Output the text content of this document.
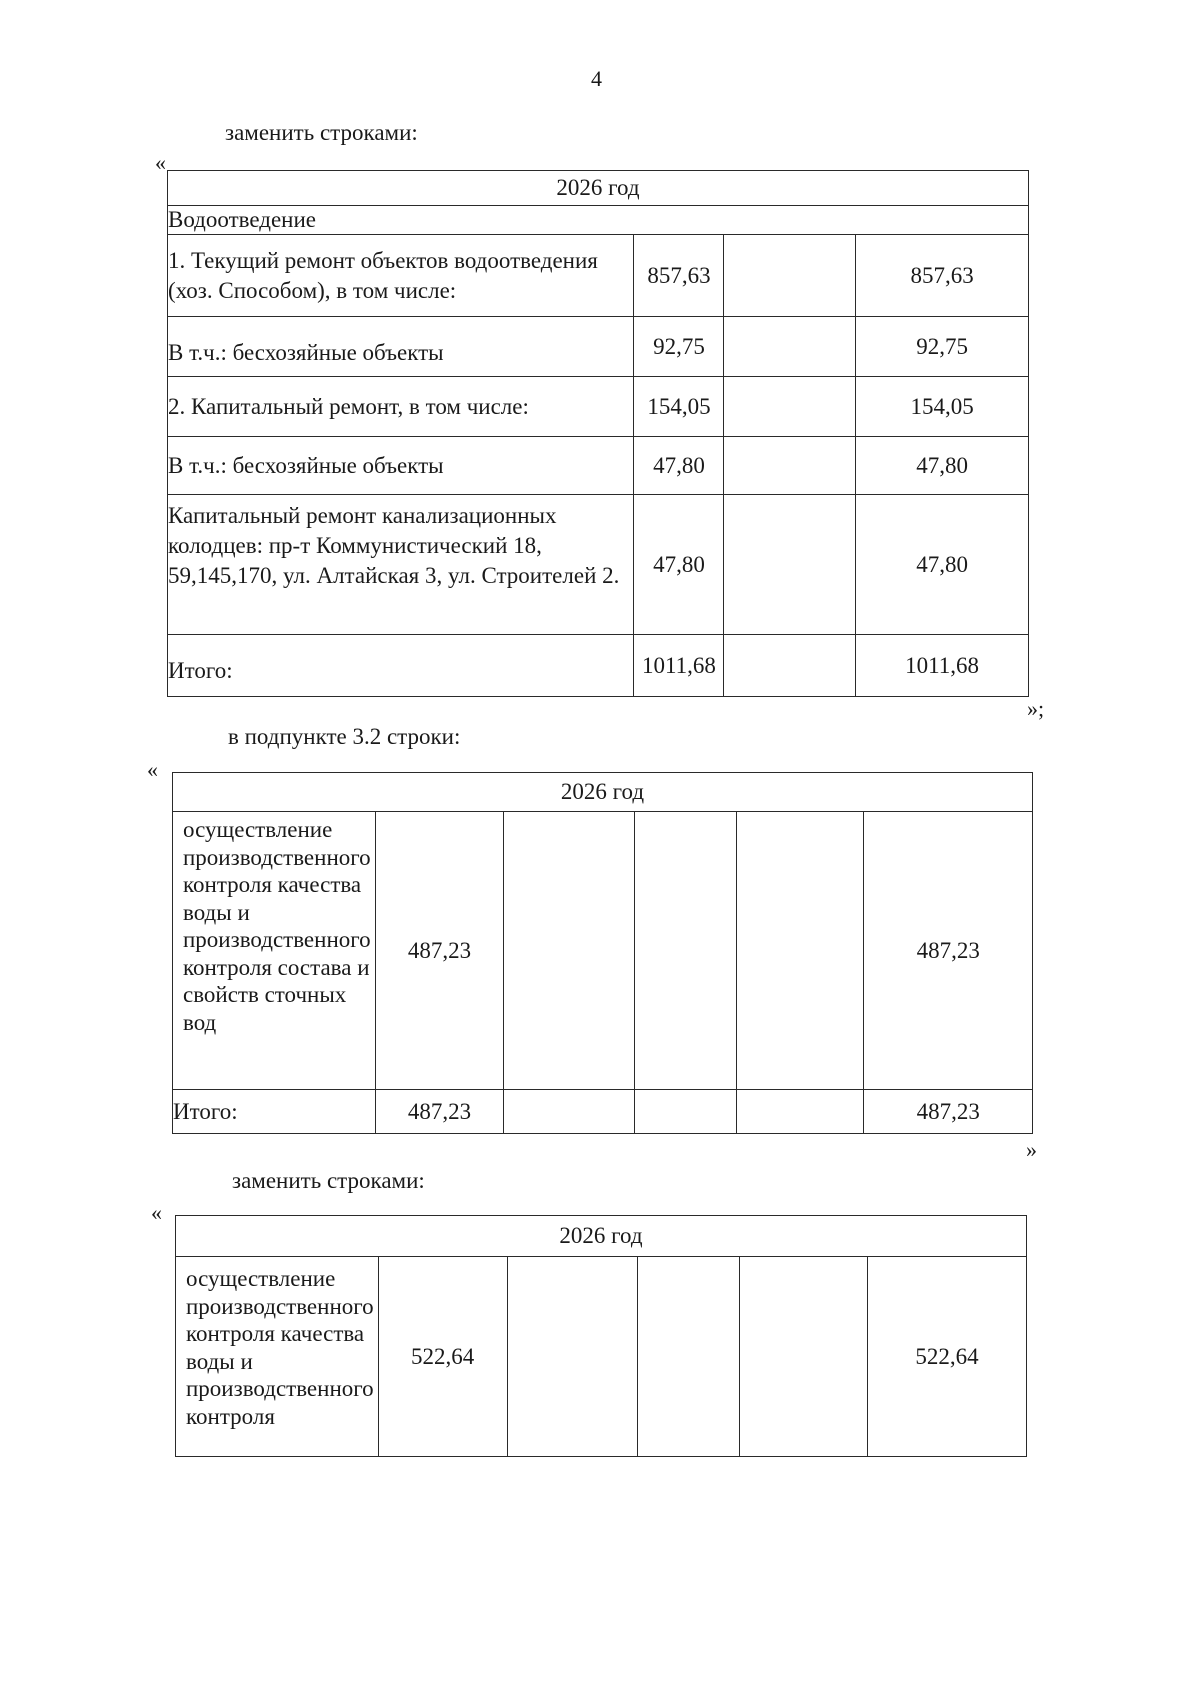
4
заменить строками:
«
2026 год			
Водоотведение			
1. Текущий ремонт объектов водоотведения (хоз. Способом), в том числе:	857,63		857,63
В т.ч.: бесхозяйные объекты	92,75		92,75
2. Капитальный ремонт, в том числе:	154,05		154,05
В т.ч.: бесхозяйные объекты	47,80		47,80
Капитальный ремонт канализационных колодцев: пр-т Коммунистический 18, 59,145,170, ул. Алтайская 3, ул. Строителей 2.	47,80		47,80
Итого:	1011,68		1011,68
»;
в подпункте 3.2 строки:
«
2026 год					
осуществление производственного контроля качества воды и производственного контроля состава и свойств сточных вод	487,23				487,23
Итого:	487,23				487,23
»
заменить строками:
«
2026 год
осуществление производственного контроля качества воды и производственного контроля	522,64				522,64
